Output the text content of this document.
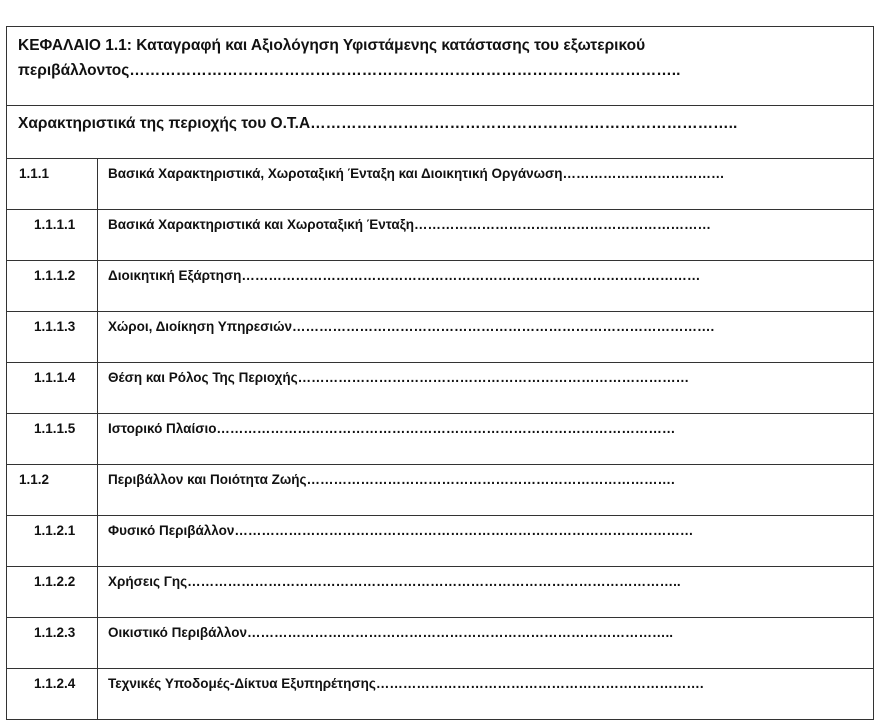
ΚΕΦΑΛΑΙΟ 1.1: Καταγραφή και Αξιολόγηση Υφιστάμενης κατάστασης του εξωτερικού περιβάλλοντος……………………………………………………………………………………………..	
Χαρακτηριστικά της περιοχής του Ο.Τ.Α………………………………………………………………………..	
1.1.1	Βασικά Χαρακτηριστικά, Χωροταξική Ένταξη και Διοικητική Οργάνωση………………………………
1.1.1.1	Βασικά Χαρακτηριστικά και Χωροταξική Ένταξη…………………………………………………………
1.1.1.2	Διοικητική Εξάρτηση…………………………………………………………………………………………
1.1.1.3	Χώροι, Διοίκηση Υπηρεσιών………………………………………………………………………………….
1.1.1.4	Θέση και Ρόλος Της Περιοχής……………………………………………………………………………
1.1.1.5	Ιστορικό Πλαίσιο…………………………………………………………………………………………
1.1.2	Περιβάλλον και Ποιότητα Ζωής……………………………………………………………………….
1.1.2.1	Φυσικό Περιβάλλον…………………………………………………………………………………………
1.1.2.2	Χρήσεις Γης………………………………………………………………………………………………..
1.1.2.3	Οικιστικό Περιβάλλον…………………………………………………………………………………..
1.1.2.4	Τεχνικές Υποδομές-Δίκτυα Εξυπηρέτησης……………………………………………………………….
